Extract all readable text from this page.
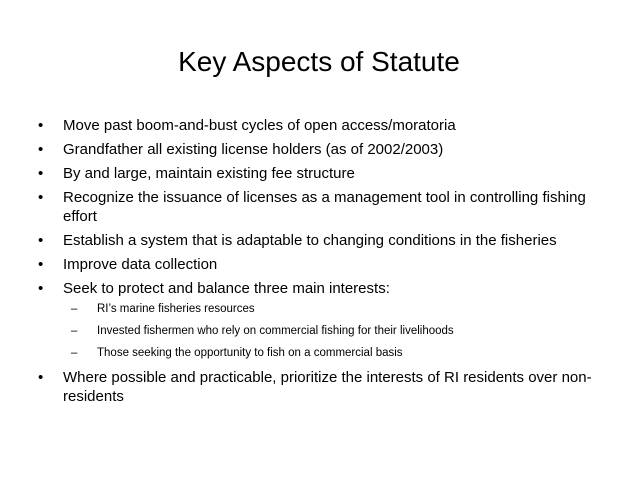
Key Aspects of Statute
• Move past boom-and-bust cycles of open access/moratoria
• Grandfather all existing license holders (as of 2002/2003)
• By and large, maintain existing fee structure
• Recognize the issuance of licenses as a management tool in controlling fishing effort
• Establish a system that is adaptable to changing conditions in the fisheries
• Improve data collection
• Seek to protect and balance three main interests:
– RI’s marine fisheries resources
– Invested fishermen who rely on commercial fishing for their livelihoods
– Those seeking the opportunity to fish on a commercial basis
• Where possible and practicable, prioritize the interests of RI residents over non-residents
